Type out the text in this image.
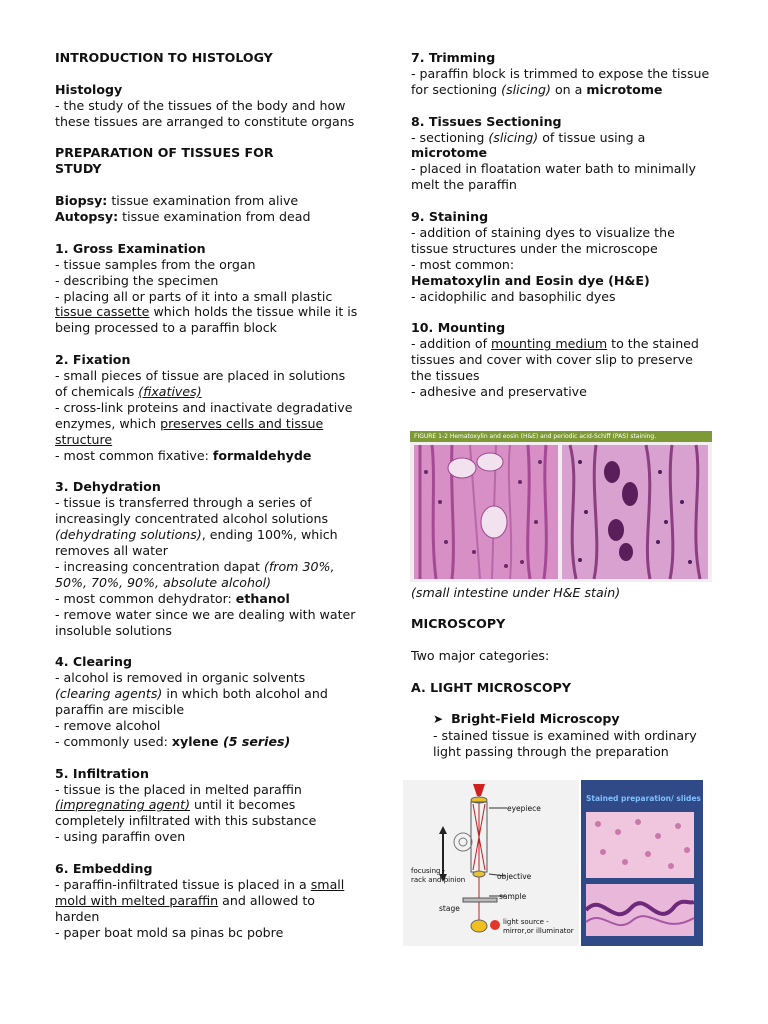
INTRODUCTION TO HISTOLOGY

Histology

- the study of the tissues of the body and how these tissues are arranged to constitute organs

PREPARATION OF TISSUES FOR

STUDY

Biopsy: tissue examination from alive

Autopsy: tissue examination from dead

1. Gross Examination

- tissue samples from the organ

- describing the specimen

- placing all or parts of it into a small plastic tissue cassette which holds the tissue while it is being processed to a paraffin block

2. Fixation

- small pieces of tissue are placed in solutions of chemicals (fixatives)

- cross-link proteins and inactivate degradative enzymes, which preserves cells and tissue structure

- most common fixative: formaldehyde

3. Dehydration

- tissue is transferred through a series of increasingly concentrated alcohol solutions (dehydrating solutions), ending 100%, which removes all water

- increasing concentration dapat (from 30%, 50%, 70%, 90%, absolute alcohol)

- most common dehydrator: ethanol

- remove water since we are dealing with water insoluble solutions

4. Clearing

- alcohol is removed in organic solvents (clearing agents) in which both alcohol and paraffin are miscible

- remove alcohol

- commonly used: xylene (5 series)

5. Infiltration

- tissue is the placed in melted paraffin (impregnating agent) until it becomes completely infiltrated with this substance

- using paraffin oven

6. Embedding

- paraffin-infiltrated tissue is placed in a small mold with melted paraffin and allowed to harden

- paper boat mold sa pinas bc pobre

7. Trimming

- paraffin block is trimmed to expose the tissue for sectioning (slicing) on a microtome

8. Tissues Sectioning

- sectioning (slicing) of tissue using a microtome

- placed in floatation water bath to minimally melt the paraffin

9. Staining

- addition of staining dyes to visualize the tissue structures under the microscope

- most common:

Hematoxylin and Eosin dye (H&E)

- acidophilic and basophilic dyes

10. Mounting

- addition of mounting medium to the stained tissues and cover with cover slip to preserve the tissues

- adhesive and preservative

FIGURE 1-2 Hematoxylin and eosin (H&E) and periodic acid-Schiff (PAS) staining.
(small intestine under H&E stain)

MICROSCOPY

Two major categories:

A. LIGHT MICROSCOPY

➤ Bright-Field Microscopy

- stained tissue is examined with ordinary light passing through the preparation

eyepiece
focusing -
rack and pinion	objective
sample
stage
light source -
mirror,or illuminator
Stained preparation/ slides
